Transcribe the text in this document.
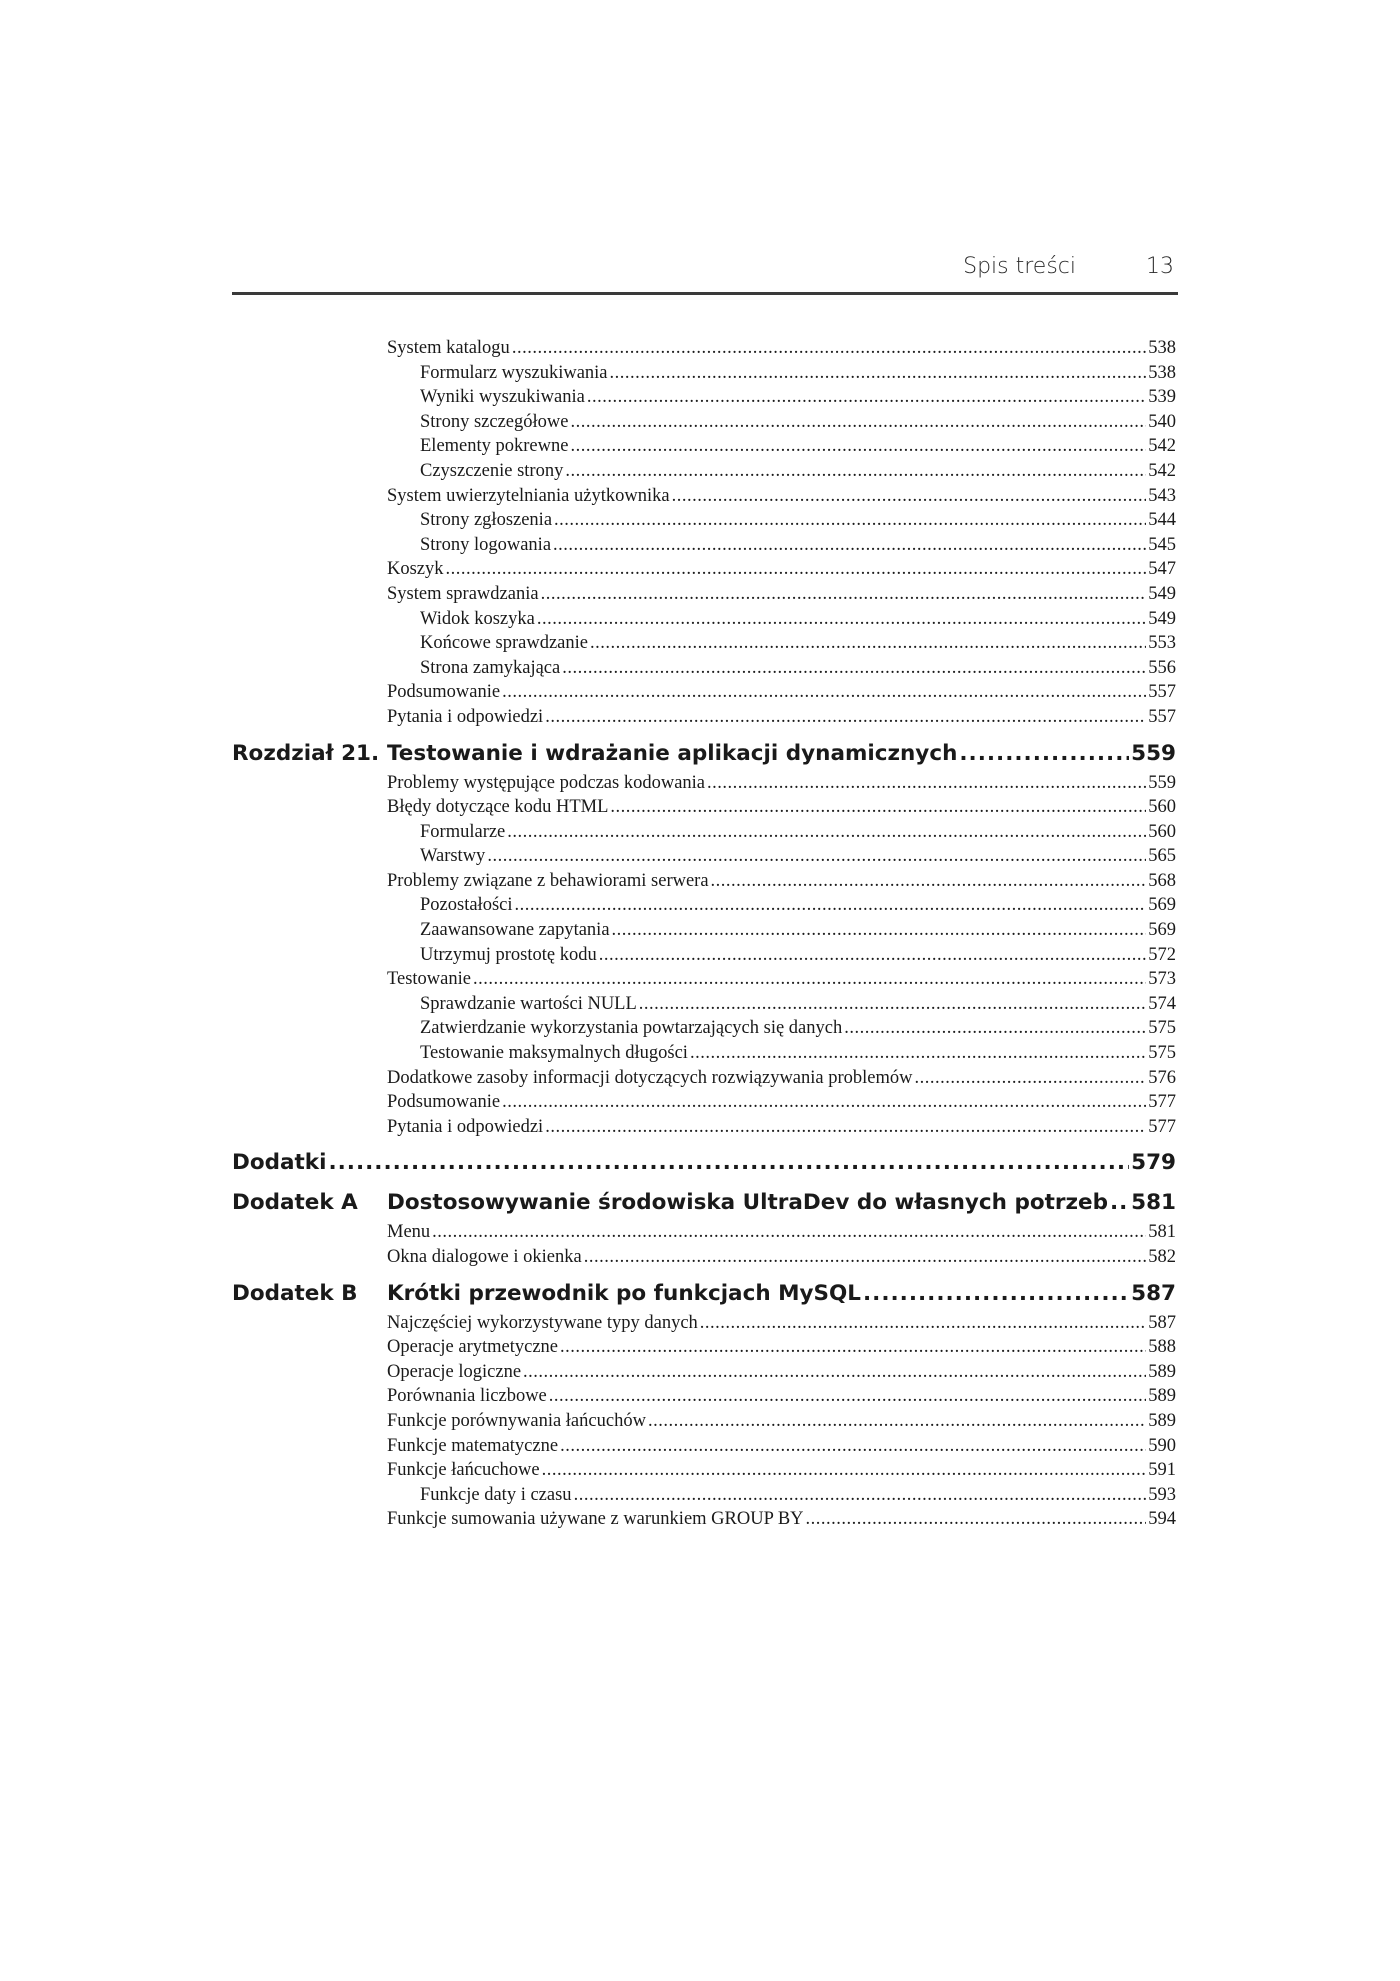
Spis treści	13
System katalogu .....	538
Formularz wyszukiwania .....	538
Wyniki wyszukiwania .....	539
Strony szczegółowe .....	540
Elementy pokrewne .....	542
Czyszczenie strony .....	542
System uwierzytelniania użytkownika .....	543
Strony zgłoszenia .....	544
Strony logowania .....	545
Koszyk .....	547
System sprawdzania .....	549
Widok koszyka .....	549
Końcowe sprawdzanie .....	553
Strona zamykająca .....	556
Podsumowanie .....	557
Pytania i odpowiedzi .....	557
Rozdział 21. Testowanie i wdrażanie aplikacji dynamicznych .....	559
Problemy występujące podczas kodowania .....	559
Błędy dotyczące kodu HTML .....	560
Formularze .....	560
Warstwy .....	565
Problemy związane z behawiorami serwera .....	568
Pozostałości .....	569
Zaawansowane zapytania .....	569
Utrzymuj prostotę kodu .....	572
Testowanie .....	573
Sprawdzanie wartości NULL .....	574
Zatwierdzanie wykorzystania powtarzających się danych .....	575
Testowanie maksymalnych długości .....	575
Dodatkowe zasoby informacji dotyczących rozwiązywania problemów .....	576
Podsumowanie .....	577
Pytania i odpowiedzi .....	577
Dodatki .....	579
Dodatek A	Dostosowywanie środowiska UltraDev do własnych potrzeb ..... 581
Menu .....	581
Okna dialogowe i okienka .....	582
Dodatek B	Krótki przewodnik po funkcjach MySQL .....	587
Najczęściej wykorzystywane typy danych .....	587
Operacje arytmetyczne .....	588
Operacje logiczne .....	589
Porównania liczbowe .....	589
Funkcje porównywania łańcuchów .....	589
Funkcje matematyczne .....	590
Funkcje łańcuchowe .....	591
Funkcje daty i czasu .....	593
Funkcje sumowania używane z warunkiem GROUP BY .....	594
